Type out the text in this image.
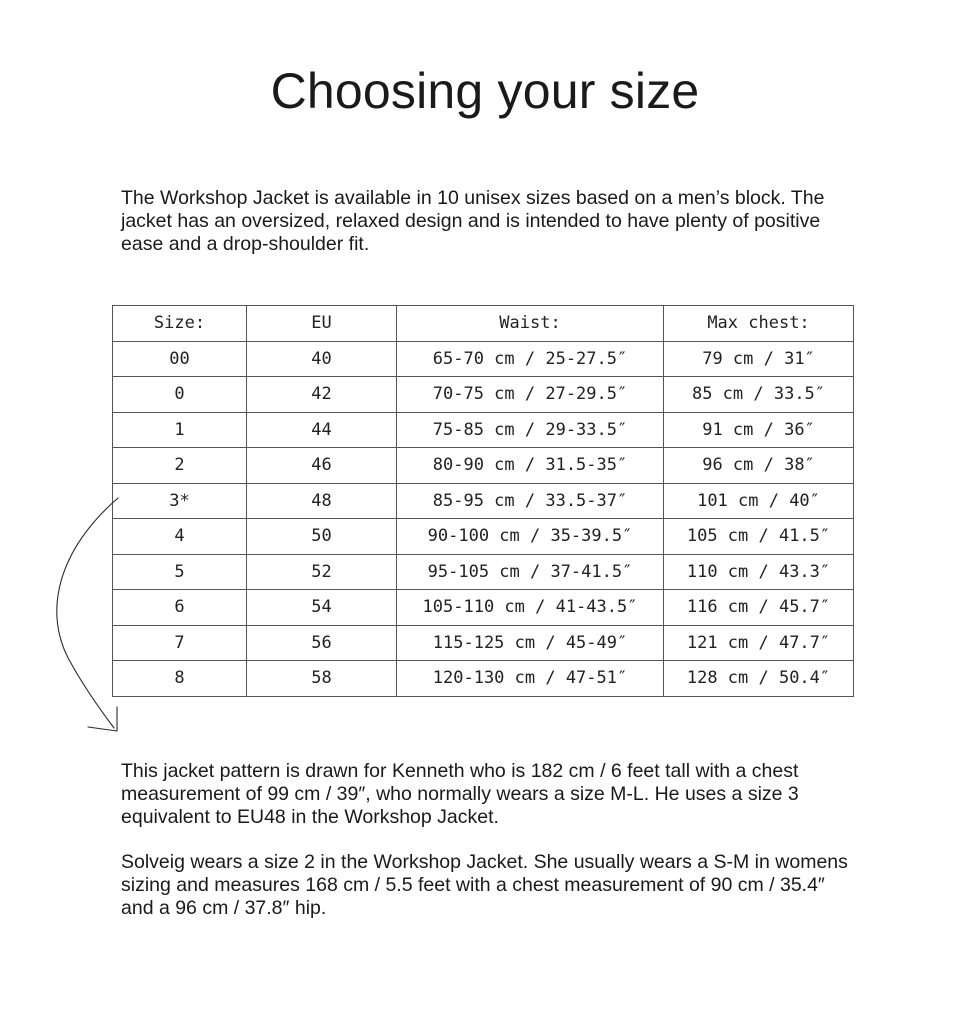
Choosing your size

The Workshop Jacket is available in 10 unisex sizes based on a men’s block. The jacket has an oversized, relaxed design and is intended to have plenty of positive ease and a drop-shoulder fit.

Size:	EU	Waist:	Max chest:
00	40	65-70 cm / 25-27.5″	79 cm / 31″
0	42	70-75 cm / 27-29.5″	85 cm / 33.5″
1	44	75-85 cm / 29-33.5″	91 cm / 36″
2	46	80-90 cm / 31.5-35″	96 cm / 38″
3*	48	85-95 cm / 33.5-37″	101 cm / 40″
4	50	90-100 cm / 35-39.5″	105 cm / 41.5″
5	52	95-105 cm / 37-41.5″	110 cm / 43.3″
6	54	105-110 cm / 41-43.5″	116 cm / 45.7″
7	56	115-125 cm / 45-49″	121 cm / 47.7″
8	58	120-130 cm / 47-51″	128 cm / 50.4″

This jacket pattern is drawn for Kenneth who is 182 cm / 6 feet tall with a chest measurement of 99 cm / 39″, who normally wears a size M-L. He uses a size 3 equivalent to EU48 in the Workshop Jacket.

Solveig wears a size 2 in the Workshop Jacket. She usually wears a S-M in womens sizing and measures 168 cm / 5.5 feet with a chest measurement of 90 cm / 35.4″ and a 96 cm / 37.8″ hip.
